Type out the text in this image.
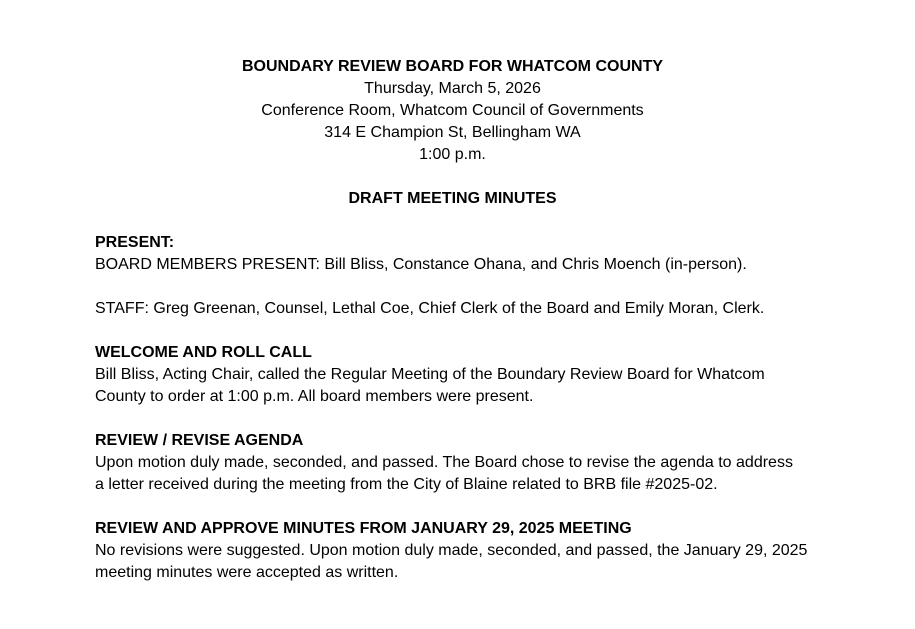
BOUNDARY REVIEW BOARD FOR WHATCOM COUNTY
Thursday, March 5, 2026
Conference Room, Whatcom Council of Governments
314 E Champion St, Bellingham WA
1:00 p.m.
DRAFT MEETING MINUTES
PRESENT:
BOARD MEMBERS PRESENT: Bill Bliss, Constance Ohana, and Chris Moench (in-person).
STAFF: Greg Greenan, Counsel, Lethal Coe, Chief Clerk of the Board and Emily Moran, Clerk.
WELCOME AND ROLL CALL
Bill Bliss, Acting Chair, called the Regular Meeting of the Boundary Review Board for Whatcom County to order at 1:00 p.m. All board members were present.
REVIEW / REVISE AGENDA
Upon motion duly made, seconded, and passed. The Board chose to revise the agenda to address a letter received during the meeting from the City of Blaine related to BRB file #2025-02.
REVIEW AND APPROVE MINUTES FROM JANUARY 29, 2025 MEETING
No revisions were suggested. Upon motion duly made, seconded, and passed, the January 29, 2025 meeting minutes were accepted as written.
